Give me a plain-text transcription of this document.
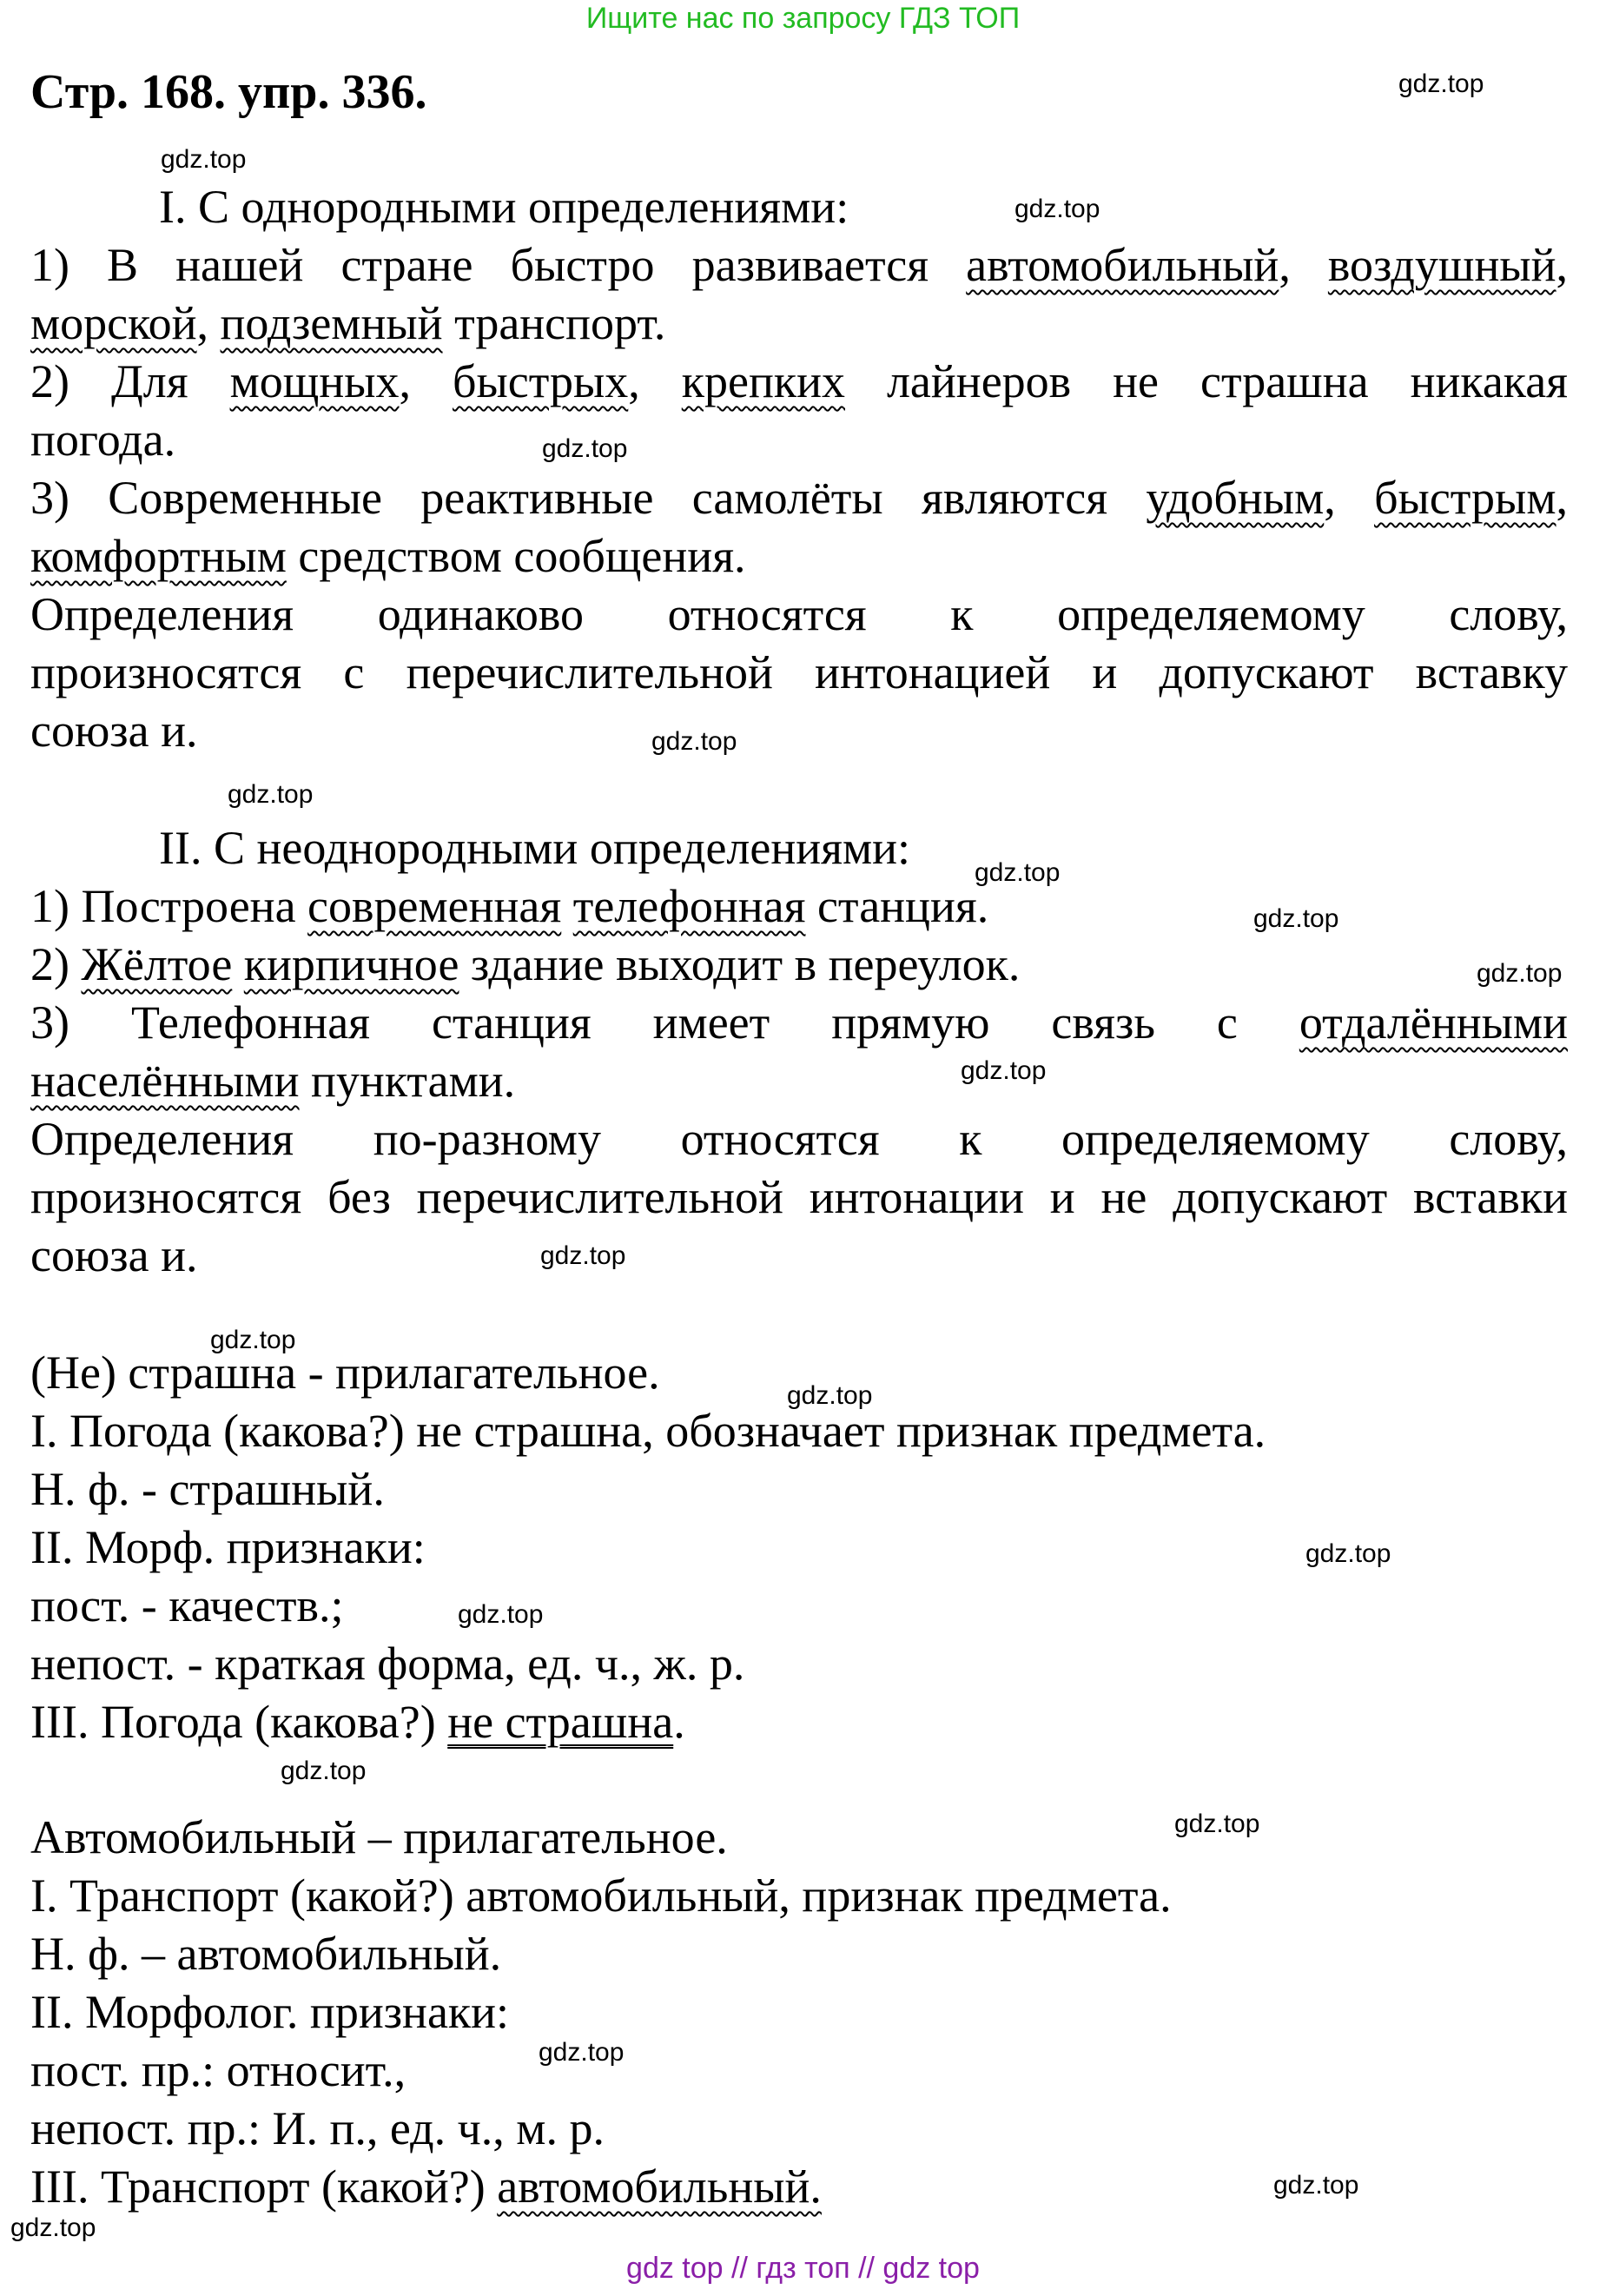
Ищите нас по запросу ГДЗ ТОП
Стр. 168. упр. 336.	gdz.top
gdz.top
gdz.top
gdz.top
gdz.top
gdz.top
gdz.top
gdz.top
gdz.top
gdz.top
gdz.top
gdz.top
gdz.top
gdz.top
gdz.top
gdz.top
gdz.top
gdz.top
gdz.top
gdz.top
I. С однородными определениями:
1) В нашей стране быстро развивается автомобильный, воздушный,
морской, подземный транспорт.
2) Для мощных, быстрых, крепких лайнеров не страшна никакая
погода.
3) Современные реактивные самолёты являются удобным, быстрым,
комфортным средством сообщения.
Определения одинаково относятся к определяемому слову,
произносятся с перечислительной интонацией и допускают вставку
союза и.
II. С неоднородными определениями:
1) Построена современная телефонная станция.
2) Жёлтое кирпичное здание выходит в переулок.
3) Телефонная станция имеет прямую связь с отдалёнными
населёнными пунктами.
Определения по-разному относятся к определяемому слову,
произносятся без перечислительной интонации и не допускают вставки
союза и.
(Не) страшна - прилагательное.
I. Погода (какова?) не страшна, обозначает признак предмета.
Н. ф. - страшный.
II. Морф. признаки:
пост. - качеств.;
непост. - краткая форма, ед. ч., ж. р.
III. Погода (какова?) не страшна.
Автомобильный – прилагательное.
I. Транспорт (какой?) автомобильный, признак предмета.
Н. ф. – автомобильный.
II. Морфолог. признаки:
пост. пр.: относит.,
непост. пр.: И. п., ед. ч., м. р.
III. Транспорт (какой?) автомобильный.
gdz top // гдз топ // gdz top
